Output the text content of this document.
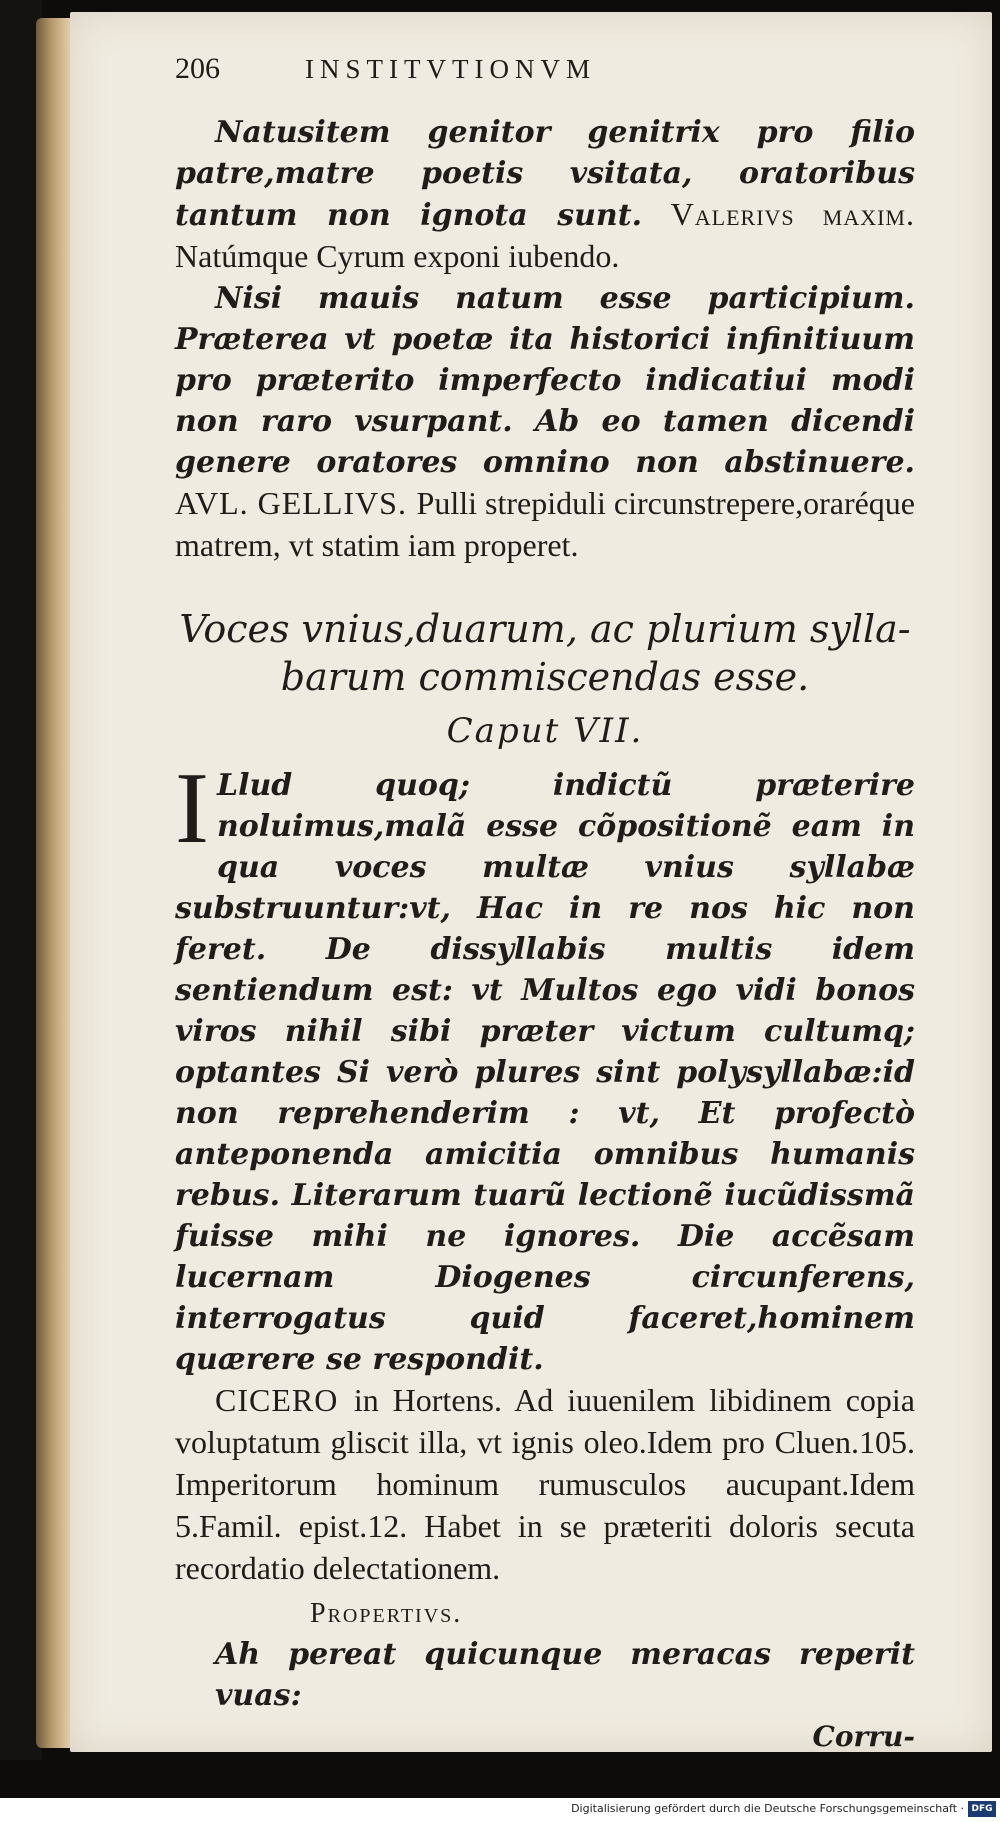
206	INSTITVTIONVM

Natusitem genitor genitrix pro filio patre,matre poetis vsitata, oratoribus tantum non ignota sunt. Valerivs maxim. Natúmque Cyrum exponi iubendo.

Nisi mauis natum esse participium. Præterea vt poetæ ita historici infinitiuum pro præterito imperfecto indicatiui modi non raro vsurpant. Ab eo tamen dicendi genere oratores omnino non abstinuere. AVL. GELLIVS. Pulli strepiduli circunstrepere,oraréque matrem, vt statim iam properet.

Voces vnius,duarum, ac plurium sylla-
barum commiscendas esse.
Caput VII.

I Llud quoq; indictũ præterire noluimus,malã esse cõpositionẽ eam in qua voces multæ vnius syllabæ substruuntur:vt, Hac in re nos hic non feret. De dissyllabis multis idem sentiendum est: vt Multos ego vidi bonos viros nihil sibi præter victum cultumq; optantes Si verò plures sint polysyllabæ:id non reprehenderim : vt, Et profectò anteponenda amicitia omnibus humanis rebus. Literarum tuarũ lectionẽ iucũdissmã fuisse mihi ne ignores. Die accẽsam lucernam Diogenes circunferens, interrogatus quid faceret,hominem quærere se respondit.

CICERO in Hortens. Ad iuuenilem libidinem copia voluptatum gliscit illa, vt ignis oleo.Idem pro Cluen.105. Imperitorum hominum rumusculos aucupant.Idem 5.Famil. epist.12. Habet in se præteriti doloris secuta recordatio delectationem.

Propertivs.

Ah pereat quicunque meracas reperit vuas:

Corru-
Digitalisierung gefördert durch die Deutsche Forschungsgemeinschaft · DFG
